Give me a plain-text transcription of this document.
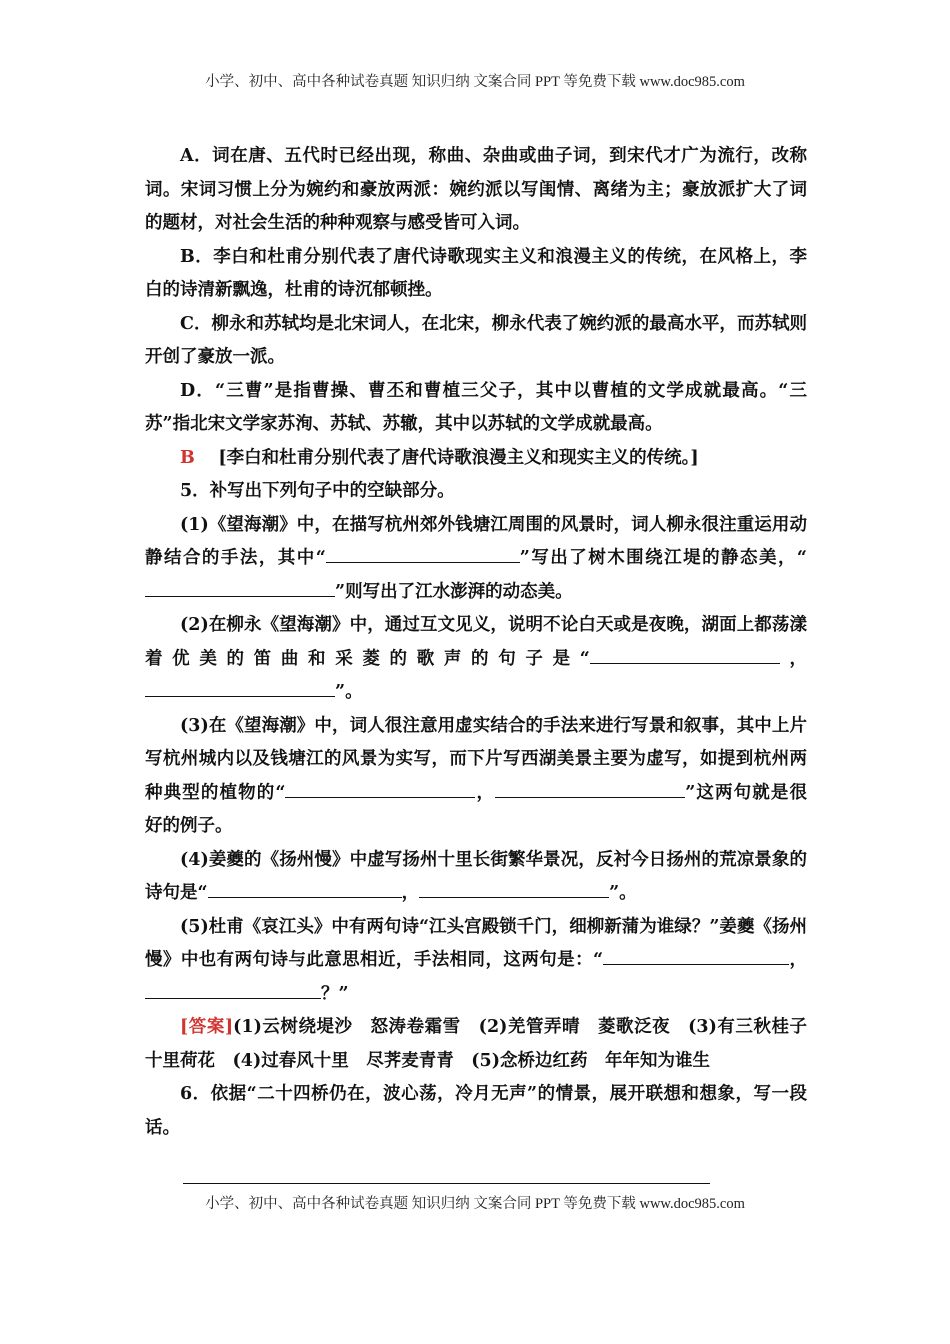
小学、初中、高中各种试卷真题 知识归纳 文案合同 PPT 等免费下载 www.doc985.com

A．词在唐、五代时已经出现，称曲、杂曲或曲子词，到宋代才广为流行，改称词。宋词习惯上分为婉约和豪放两派：婉约派以写闺情、离绪为主；豪放派扩大了词的题材，对社会生活的种种观察与感受皆可入词。

B．李白和杜甫分别代表了唐代诗歌现实主义和浪漫主义的传统，在风格上，李白的诗清新飘逸，杜甫的诗沉郁顿挫。

C．柳永和苏轼均是北宋词人，在北宋，柳永代表了婉约派的最高水平，而苏轼则开创了豪放一派。

D．“三曹”是指曹操、曹丕和曹植三父子，其中以曹植的文学成就最高。“三苏”指北宋文学家苏洵、苏轼、苏辙，其中以苏轼的文学成就最高。

B　 [李白和杜甫分别代表了唐代诗歌浪漫主义和现实主义的传统。]

5．补写出下列句子中的空缺部分。

(1)《望海潮》中，在描写杭州郊外钱塘江周围的风景时，词人柳永很注重运用动静结合的手法，其中“	”写出了树木围绕江堤的静态美，“”则写出了江水澎湃的动态美。

(2)在柳永《望海潮》中，通过互文见义，说明不论白天或是夜晚，湖面上都荡漾着优美的笛曲和采菱的歌声的句子是“	，”。

(3)在《望海潮》中，词人很注意用虚实结合的手法来进行写景和叙事，其中上片写杭州城内以及钱塘江的风景为实写，而下片写西湖美景主要为虚写，如提到杭州两种典型的植物的“	，	”这两句就是很好的例子。

(4)姜夔的《扬州慢》中虚写扬州十里长街繁华景况，反衬今日扬州的荒凉景象的诗句是“	，	”。

(5)杜甫《哀江头》中有两句诗“江头宫殿锁千门，细柳新蒲为谁绿？”姜夔《扬州慢》中也有两句诗与此意思相近，手法相同，这两句是：“	，？”

[答案](1)云树绕堤沙　怒涛卷霜雪　(2)羌管弄晴　菱歌泛夜　(3)有三秋桂子　十里荷花　(4)过春风十里　尽荠麦青青　(5)念桥边红药　年年知为谁生

6．依据“二十四桥仍在，波心荡，冷月无声”的情景，展开联想和想象，写一段话。

小学、初中、高中各种试卷真题 知识归纳 文案合同 PPT 等免费下载 www.doc985.com
